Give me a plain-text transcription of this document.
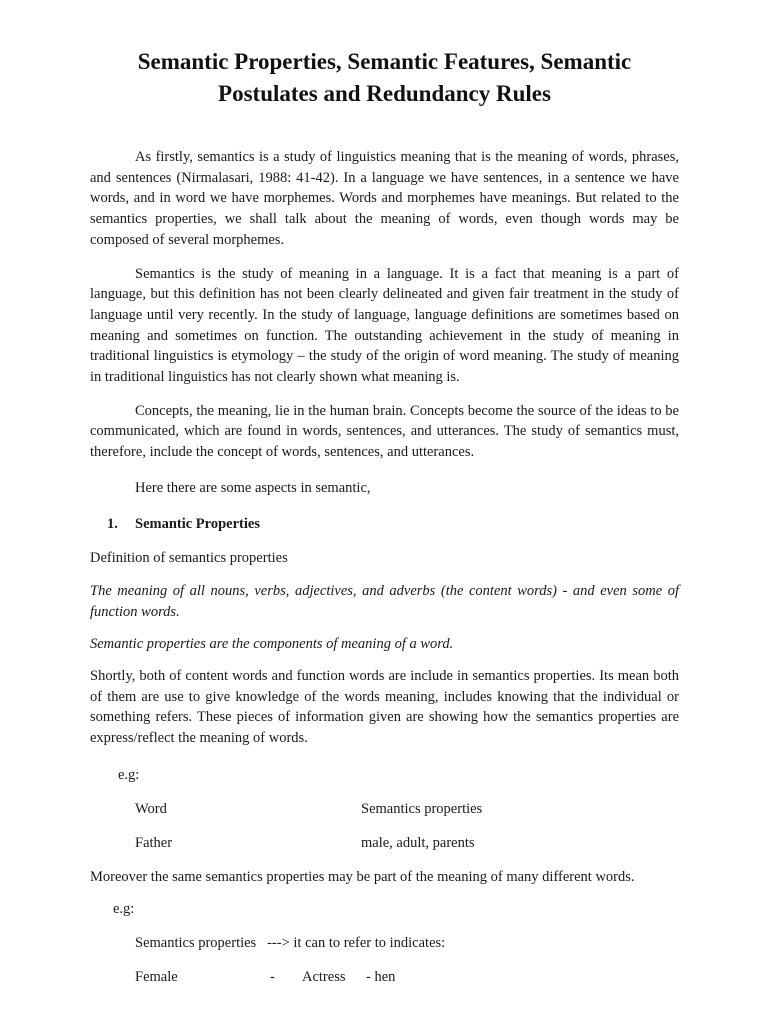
Semantic Properties, Semantic Features, Semantic
Postulates and Redundancy Rules

As firstly, semantics is a study of linguistics meaning that is the meaning of words, phrases, and sentences (Nirmalasari, 1988: 41-42). In a language we have sentences, in a sentence we have words, and in word we have morphemes. Words and morphemes have meanings. But related to the semantics properties, we shall talk about the meaning of words, even though words may be composed of several morphemes.

Semantics is the study of meaning in a language. It is a fact that meaning is a part of language, but this definition has not been clearly delineated and given fair treatment in the study of language until very recently. In the study of language, language definitions are sometimes based on meaning and sometimes on function. The outstanding achievement in the study of meaning in traditional linguistics is etymology – the study of the origin of word meaning. The study of meaning in traditional linguistics has not clearly shown what meaning is.

Concepts, the meaning, lie in the human brain. Concepts become the source of the ideas to be communicated, which are found in words, sentences, and utterances. The study of semantics must, therefore, include the concept of words, sentences, and utterances.

Here there are some aspects in semantic,

1. Semantic Properties

Definition of semantics properties

The meaning of all nouns, verbs, adjectives, and adverbs (the content words) - and even some of function words.

Semantic properties are the components of meaning of a word.

Shortly, both of content words and function words are include in semantics properties. Its mean both of them are use to give knowledge of the words meaning, includes knowing that the individual or something refers. These pieces of information given are showing how the semantics properties are express/reflect the meaning of words.

e.g:

Word	Semantics properties
Father	male, adult, parents

Moreover the same semantics properties may be part of the meaning of many different words.

e.g:

Semantics properties ---> it can to refer to indicates:
Female	- Actress - hen
